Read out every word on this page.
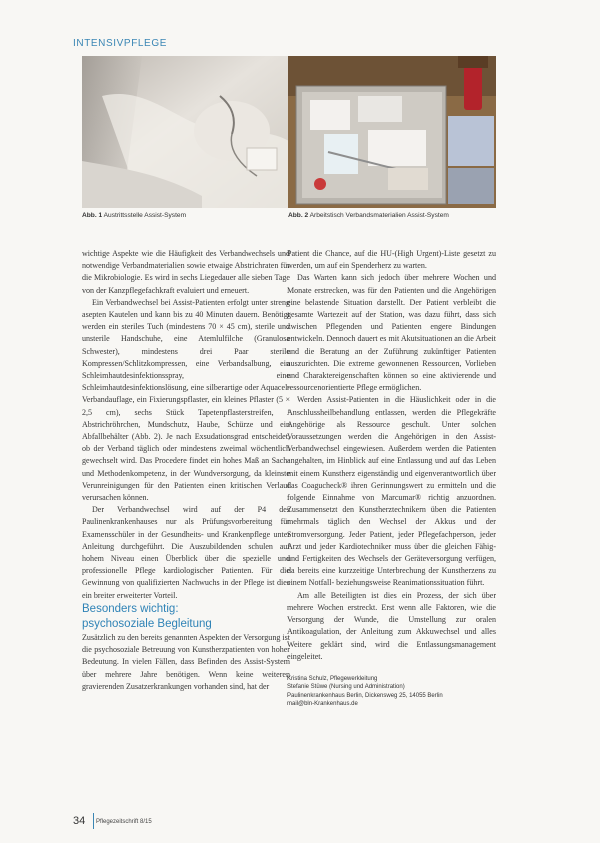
INTENSIVPFLEGE
Abb. 1 Austrittsstelle Assist-System	Abb. 2 Arbeitstisch Verbandsmaterialien Assist-System

wichtige Aspekte wie die Häufigkeit des Verbandwechsels und notwendige Verbandmaterialien sowie etwaige Abstrichraten für die Mikrobiologie. Es wird in sechs Liegedauer alle sieben Tage von der Kanzpflegefachkraft evaluiert und erneuert.

Ein Verbandwechsel bei Assist-Patienten erfolgt unter streng asepten Kautelen und kann bis zu 40 Minuten dauern. Benötigt werden ein steriles Tuch (mindestens 70 × 45 cm), sterile und unsterile Handschuhe, eine Atemlulfilche (Granulosa Schwester), mindestens drei Paar sterile Kompressen/Schlitzkompressen, eine Verbandsalbung, ein Schleimhautdesinfektionsspray, eine Schleimhautdesinfektionslösung, eine silberartige oder Aquacel-Verbandauflage, ein Fixierungspflaster, ein kleines Pflaster (5 × 2,5 cm), sechs Stück Tapetenpflasterstreifen, ¹ Abstrichröhrchen, Mundschutz, Haube, Schürze und ein Abfallbehälter (Abb. 2). Je nach Exsudationsgrad entscheidet, ob der Verband täglich oder mindestens zweimal wöchentlich gewechselt wird. Das Procedere findet ein hohes Maß an Sach- und Methodenkompetenz, in der Wundversorgung, da kleinste Verunreinigungen für den Patienten einen kritischen Verlauf verursachen können.

Der Verbandwechsel wird auf der P4 des Paulinenkrankenhauses nur als Prüfungsvorbereitung für Examensschüler in der Gesundheits- und Krankenpflege unter Anleitung durchgeführt. Die Auszubildenden schulen auf hohem Niveau einen Überblick über die spezielle und professionelle Pflege kardiologischer Patienten. Für die Gewinnung von qualifizierten Nachwuchs in der Pflege ist dies ein breiter erweiterter Vorteil.

Besonders wichtig:
psychosoziale Begleitung

Zusätzlich zu den bereits genannten Aspekten der Versorgung ist die psychosoziale Betreuung von Kunstherzpatienten von hoher Bedeutung. In vielen Fällen, dass Befinden des Assist-System über mehrere Jahre benötigen. Wenn keine weiteren gravierenden Zusatzerkrankungen vorhanden sind, hat der

Patient die Chance, auf die HU-(High Urgent)-Liste gesetzt zu werden, um auf ein Spenderherz zu warten.

Das Warten kann sich jedoch über mehrere Wochen und Monate erstrecken, was für den Patienten und die Angehörigen eine belastende Situation darstellt. Der Patient verbleibt die gesamte Wartezeit auf der Station, was dazu führt, dass sich zwischen Pflegenden und Patienten engere Bindungen entwickeln. Dennoch dauert es mit Akutsituationen an die Arbeit und die Beratung an der Zuführung zukünftiger Patienten auszurichten. Die extreme gewonnenen Ressourcen, Vorlieben und Charaktereigenschaften können so eine aktivierende und ressourcenorientierte Pflege ermöglichen.

Werden Assist-Patienten in die Häuslichkeit oder in die Anschlussheilbehandlung entlassen, werden die Pflegekräfte Angehörige als Ressource geschult. Unter solchen Voraussetzungen werden die Angehörigen in den Assist-Verbandwechsel eingewiesen. Außerdem werden die Patienten angehalten, im Hinblick auf eine Entlassung und auf das Leben mit einem Kunstherz eigenständig und eigenverantwortlich über das Coagucheck® ihren Gerinnungswert zu ermitteln und die folgende Einnahme von Marcumar® richtig anzuordnen. Zusammensetzt den Kunstherztechnikern üben die Patienten mehrmals täglich den Wechsel der Akkus und der Stromversorgung. Jeder Patient, jeder Pflegefachperson, jeder Arzt und jeder Kardiotechniker muss über die gleichen Fähig- und Fertigkeiten des Wechsels der Geräteversorgung verfügen, da bereits eine kurzzeitige Unterbrechung der Kunstherzens zu einem Notfall- beziehungsweise Reanimationssituation führt.

Am alle Beteiligten ist dies ein Prozess, der sich über mehrere Wochen erstreckt. Erst wenn alle Faktoren, wie die Versorgung der Wunde, die Umstellung zur oralen Antikoagulation, der Anleitung zum Akkuwechsel und alles Weitere geklärt sind, wird die Entlassungsmanagement eingeleitet.

Kristina Schulz, Pflegewerkleitung
Stefanie Stüwe (Nursing und Administration)
Paulinenkrankenhaus Berlin, Dickensweg 25, 14055 Berlin
mail@bln-Krankenhaus.de
34	Pflegezeitschrift 8/15
